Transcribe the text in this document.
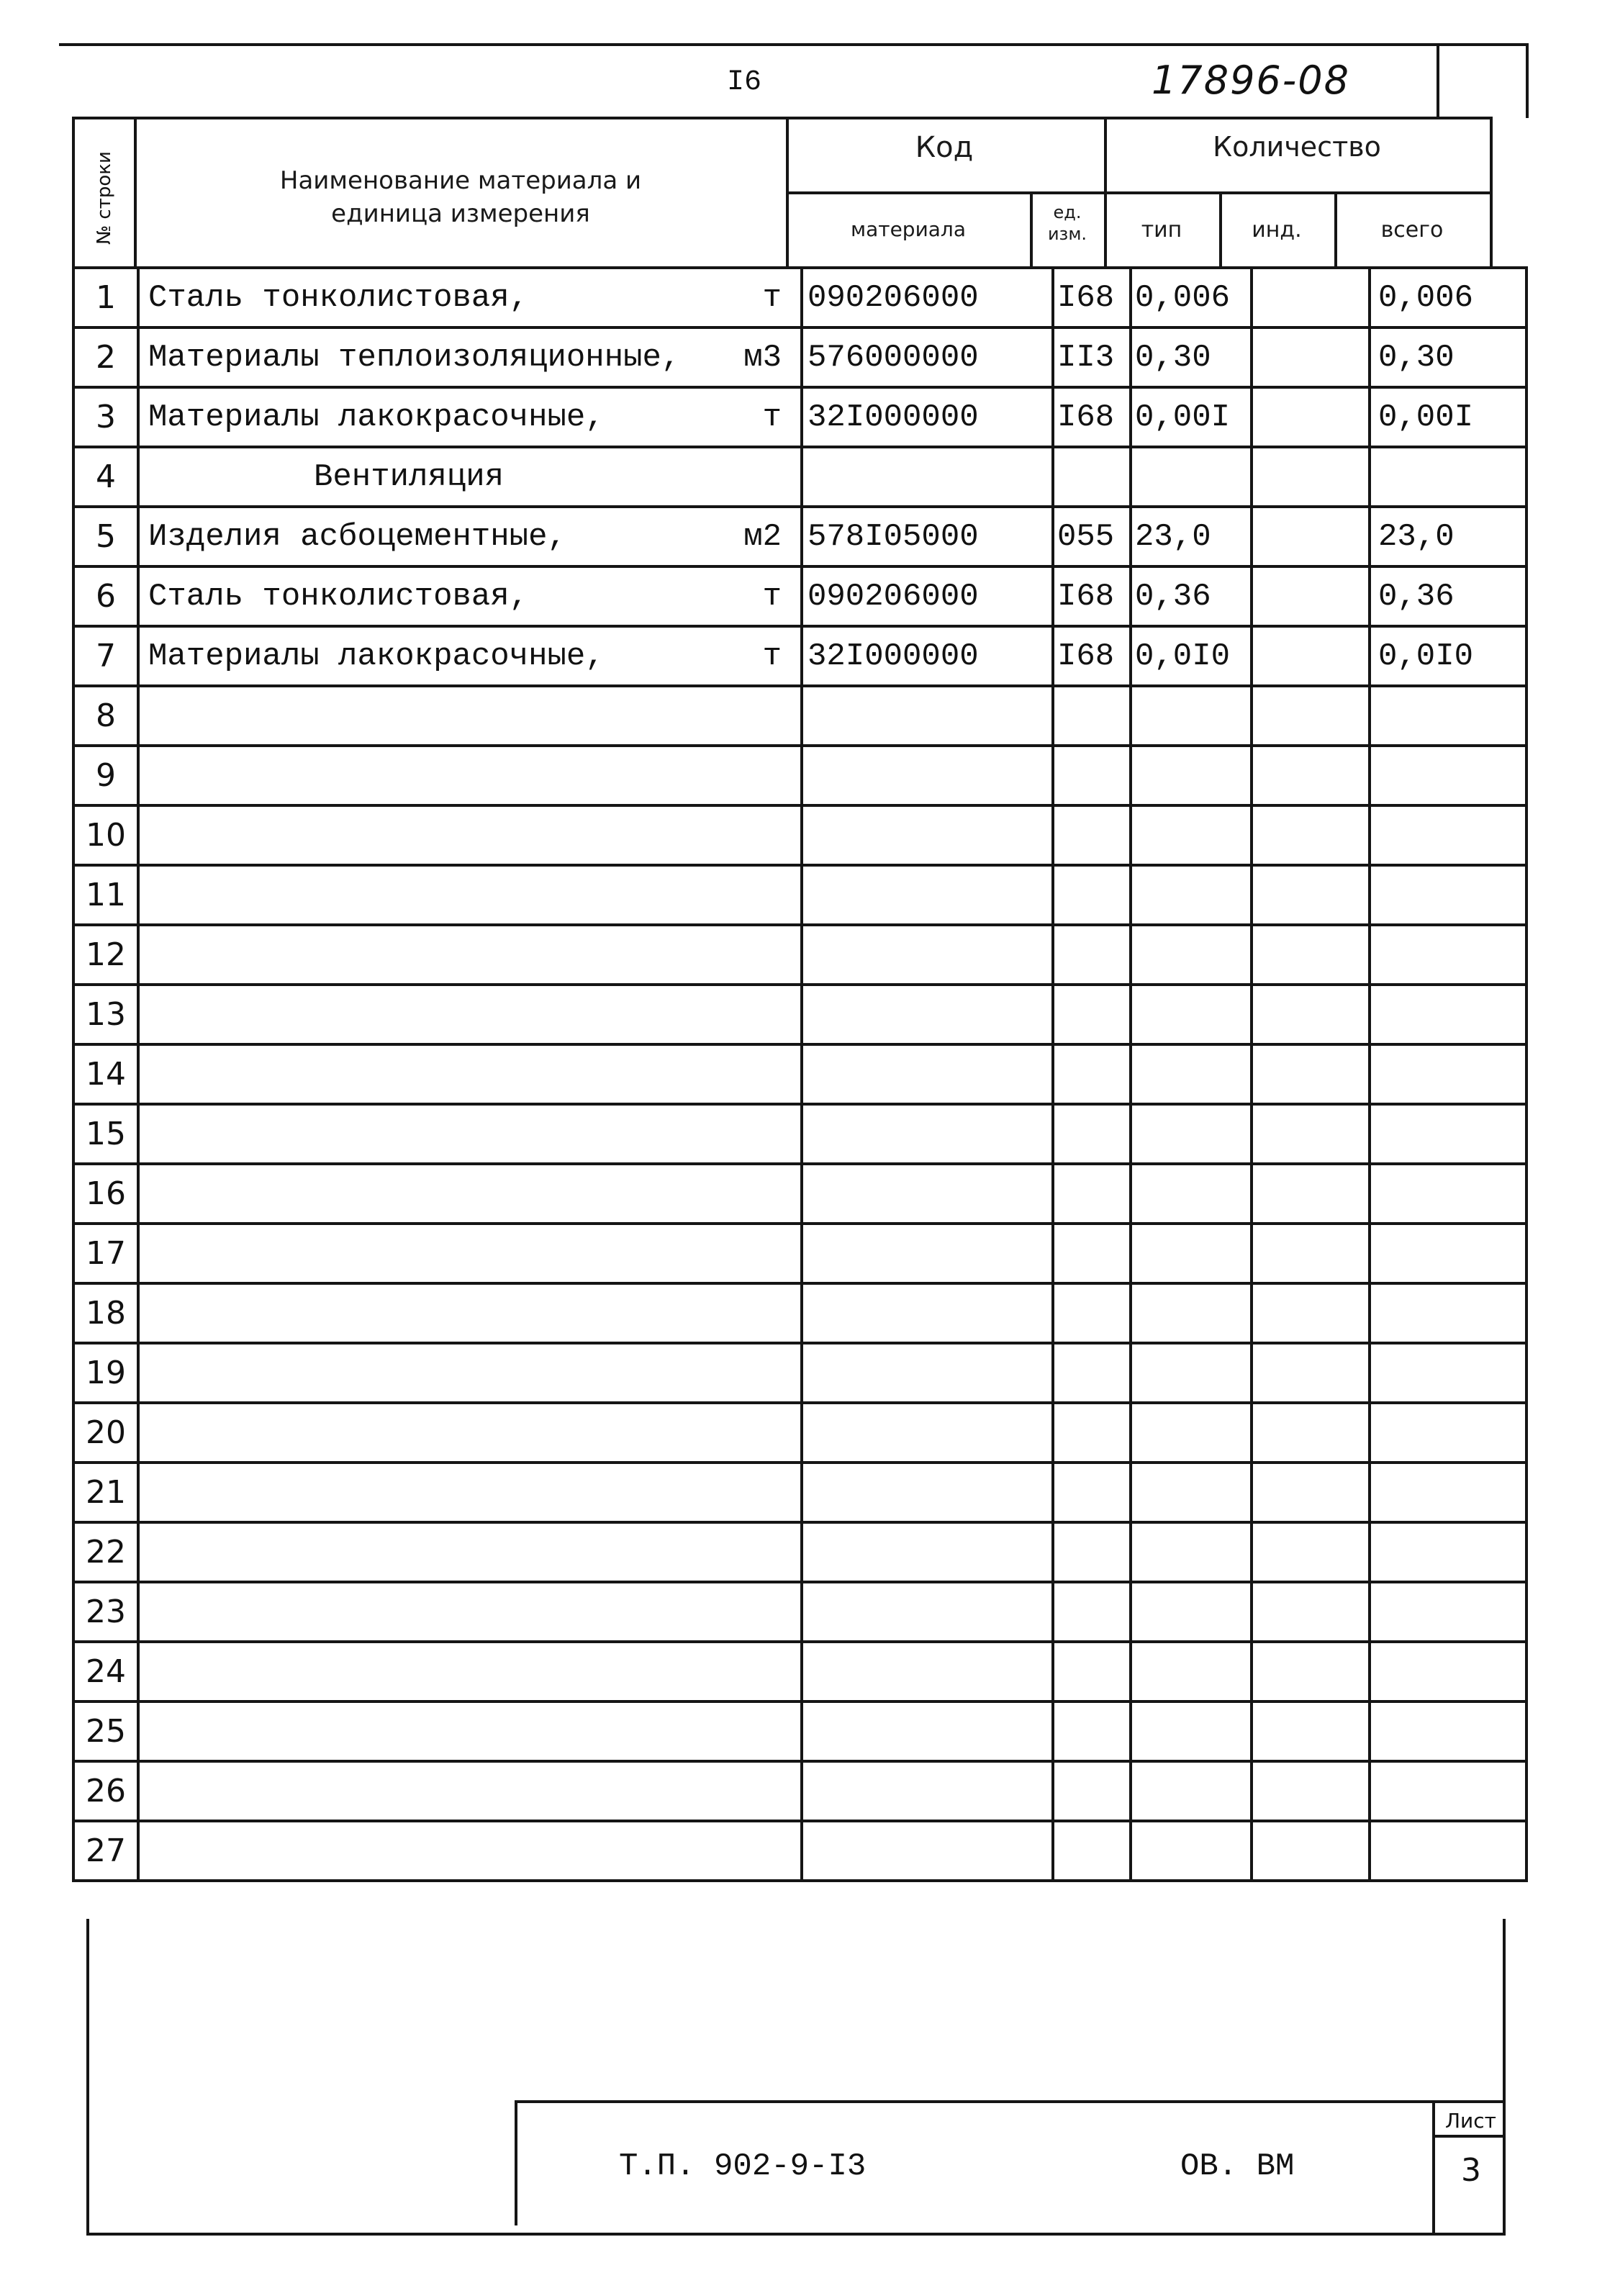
I6	17896-08
№ строки	Наименование материала и единица измерения
Код	Количество
материала
ед. изм.	тип	инд.	всего
1	Сталь тонколистовая, т	090206000	I68	0,006		0,006
2	Материалы теплоизоляционные, м3	576000000	II3	0,30		0,30
3	Материалы лакокрасочные, т	32I000000	I68	0,00I		0,00I
4	Вентиляция					
5	Изделия асбоцементные, м2	578I05000	055	23,0		23,0
6	Сталь тонколистовая, т	090206000	I68	0,36		0,36
7	Материалы лакокрасочные, т	32I000000	I68	0,0I0		0,0I0
8						
9						
10						
11						
12						
13						
14						
15						
16						
17						
18						
19						
20						
21						
22						
23						
24						
25						
26						
27						
Т.П. 902-9-I3	ОВ. ВМ
Лист
3
